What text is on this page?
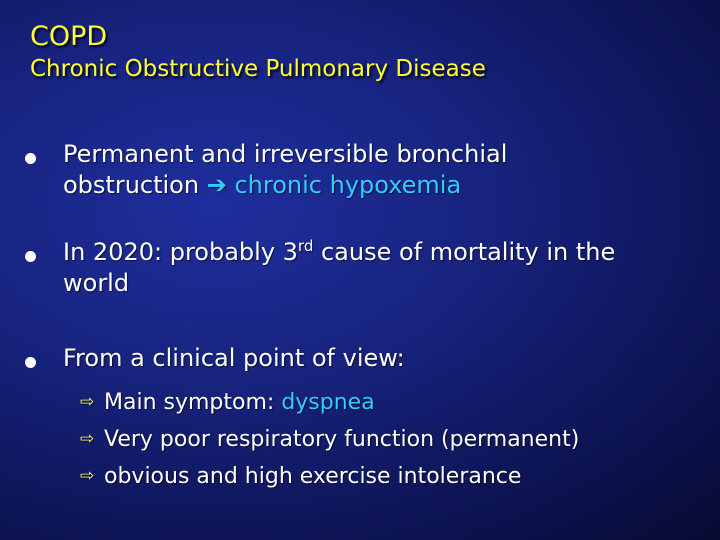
COPD
Chronic Obstructive Pulmonary Disease
Permanent and irreversible bronchial
obstruction ➔ chronic hypoxemia
In 2020: probably 3rd cause of mortality in the
world
From a clinical point of view:
⇨ Main symptom: dyspnea
⇨ Very poor respiratory function (permanent)
⇨ obvious and high exercise intolerance
